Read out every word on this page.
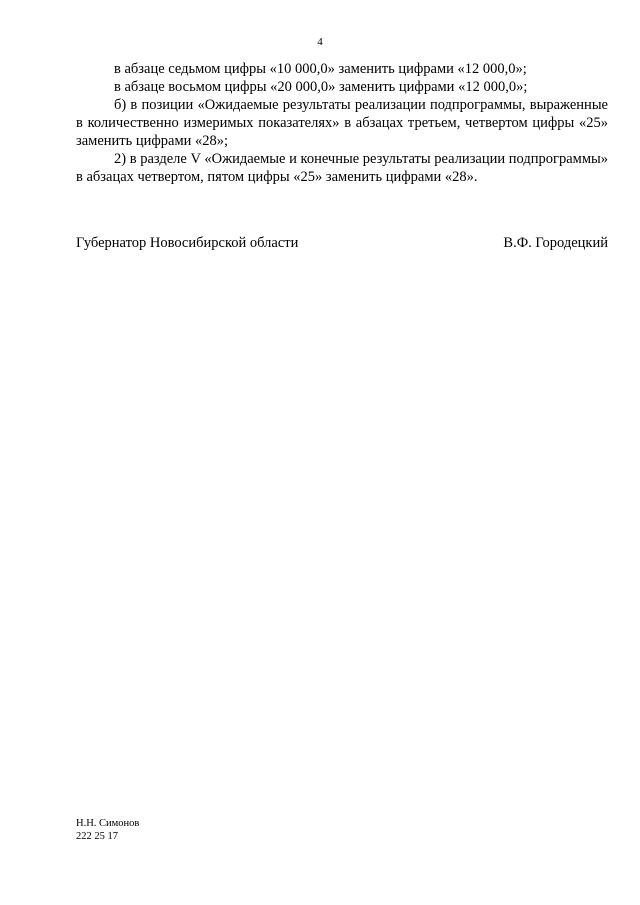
4

в абзаце седьмом цифры «10 000,0» заменить цифрами «12 000,0»;

в абзаце восьмом цифры «20 000,0» заменить цифрами «12 000,0»;

б) в позиции «Ожидаемые результаты реализации подпрограммы, выраженные в количественно измеримых показателях» в абзацах третьем, четвертом цифры «25» заменить цифрами «28»;

2) в разделе V «Ожидаемые и конечные результаты реализации подпрограммы» в абзацах четвертом, пятом цифры «25» заменить цифрами «28».

Губернатор Новосибирской области	В.Ф. Городецкий
Н.Н. Симонов
222 25 17
